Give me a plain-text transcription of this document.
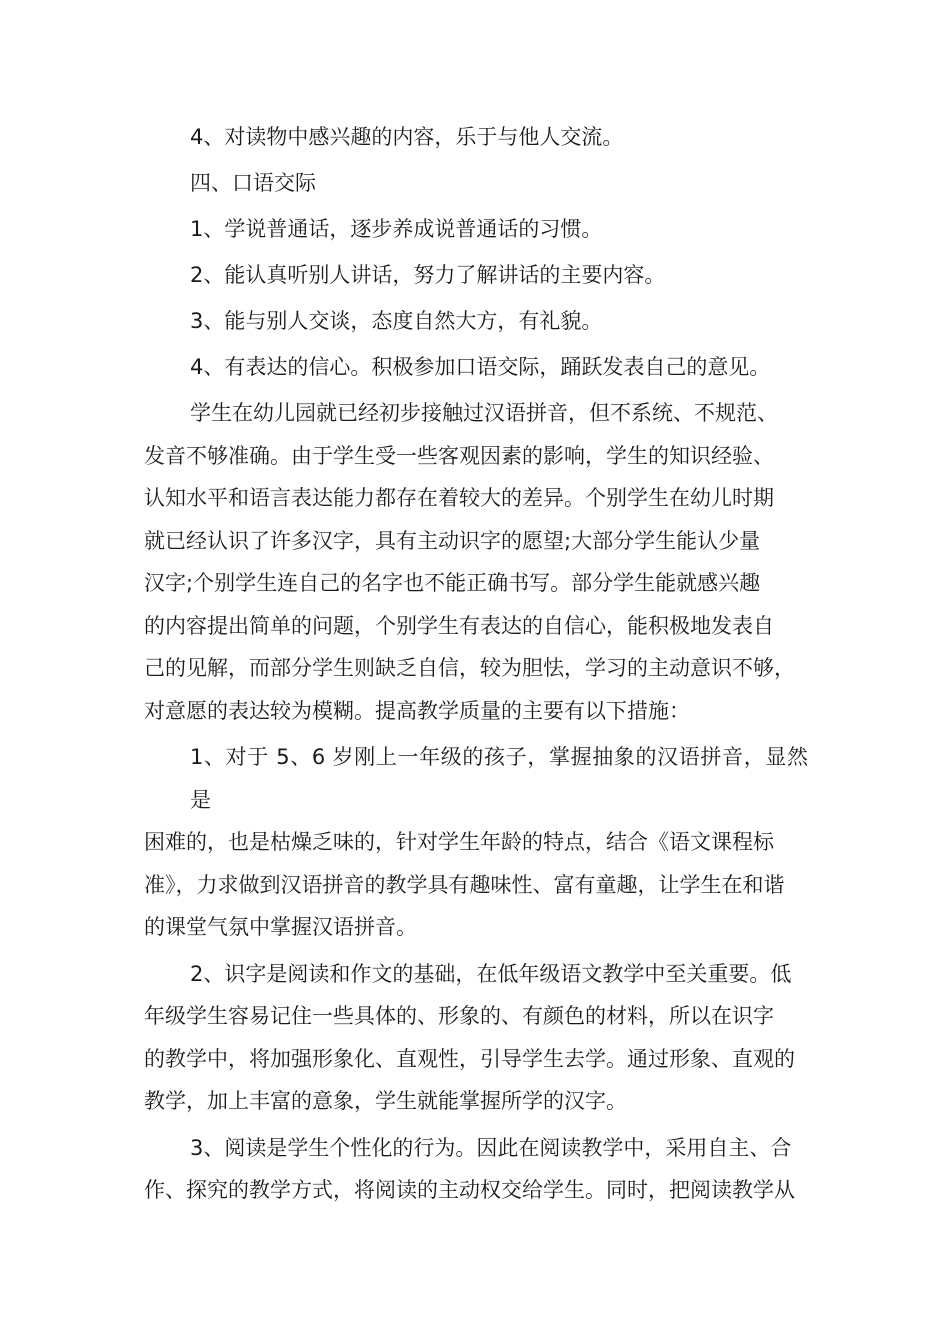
4、对读物中感兴趣的内容，乐于与他人交流。

四、口语交际

1、学说普通话，逐步养成说普通话的习惯。

2、能认真听别人讲话，努力了解讲话的主要内容。

3、能与别人交谈，态度自然大方，有礼貌。

4、有表达的信心。积极参加口语交际，踊跃发表自己的意见。

学生在幼儿园就已经初步接触过汉语拼音，但不系统、不规范、
发音不够准确。由于学生受一些客观因素的影响，学生的知识经验、
认知水平和语言表达能力都存在着较大的差异。个别学生在幼儿时期
就已经认识了许多汉字，具有主动识字的愿望;大部分学生能认少量
汉字;个别学生连自己的名字也不能正确书写。部分学生能就感兴趣
的内容提出简单的问题，个别学生有表达的自信心，能积极地发表自
己的见解，而部分学生则缺乏自信，较为胆怯，学习的主动意识不够，
对意愿的表达较为模糊。提高教学质量的主要有以下措施：
1、对于 5、6 岁刚上一年级的孩子，掌握抽象的汉语拼音，显然是
困难的，也是枯燥乏味的，针对学生年龄的特点，结合《语文课程标
准》，力求做到汉语拼音的教学具有趣味性、富有童趣，让学生在和谐
的课堂气氛中掌握汉语拼音。
2、识字是阅读和作文的基础，在低年级语文教学中至关重要。低
年级学生容易记住一些具体的、形象的、有颜色的材料，所以在识字
的教学中，将加强形象化、直观性，引导学生去学。通过形象、直观的
教学，加上丰富的意象，学生就能掌握所学的汉字。
3、阅读是学生个性化的行为。因此在阅读教学中，采用自主、合
作、探究的教学方式，将阅读的主动权交给学生。同时，把阅读教学从
